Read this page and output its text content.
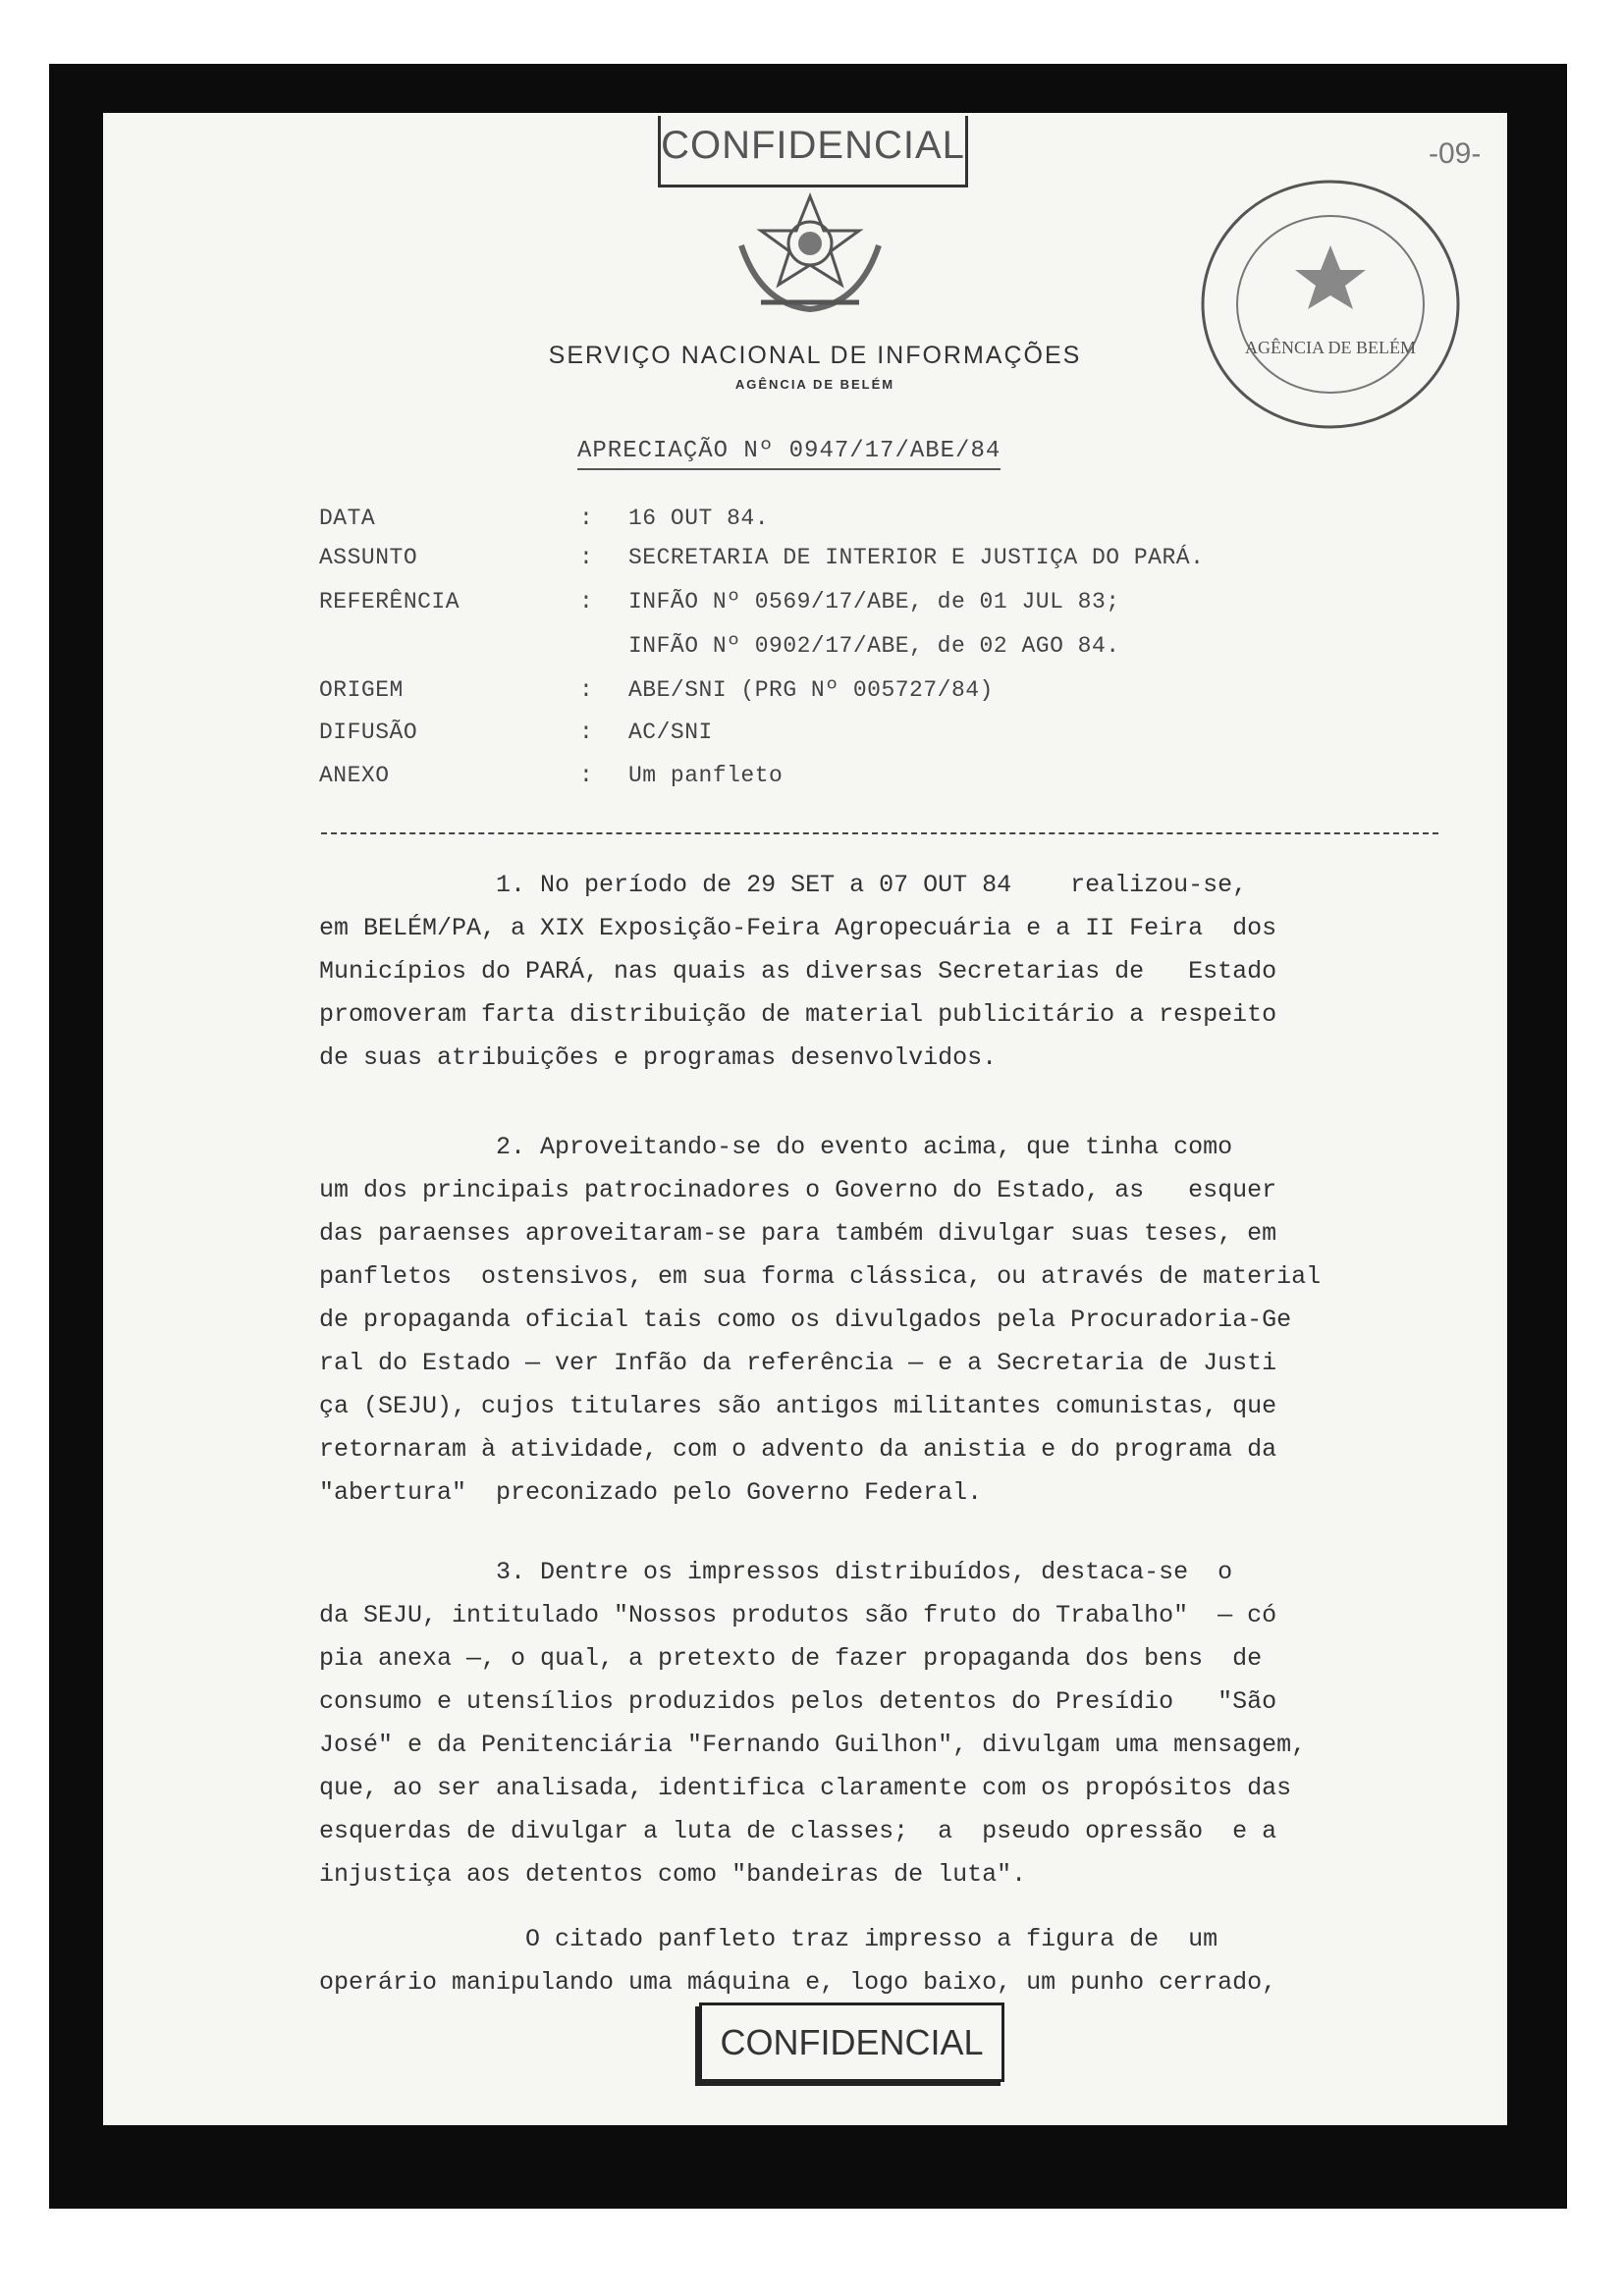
CONFIDENCIAL	-09-
SERVIÇO NACIONAL DE INFORMAÇÕES
AGÊNCIA DE BELÉM
AGÊNCIA DE BELÉM
APRECIAÇÃO Nº 0947/17/ABE/84
DATA	: 16 OUT 84.
ASSUNTO	: SECRETARIA DE INTERIOR E JUSTIÇA DO PARÁ.
REFERÊNCIA	: INFÃO Nº 0569/17/ABE, de 01 JUL 83;
INFÃO Nº 0902/17/ABE, de 02 AGO 84.
ORIGEM	: ABE/SNI (PRG Nº 005727/84)
DIFUSÃO	: AC/SNI
ANEXO	: Um panfleto
1. No período de 29 SET a 07 OUT 84    realizou-se,
em BELÉM/PA, a XIX Exposição-Feira Agropecuária e a II Feira  dos
Municípios do PARÁ, nas quais as diversas Secretarias de   Estado
promoveram farta distribuição de material publicitário a respeito
de suas atribuições e programas desenvolvidos.
2. Aproveitando-se do evento acima, que tinha como
um dos principais patrocinadores o Governo do Estado, as   esquer
das paraenses aproveitaram-se para também divulgar suas teses, em
panfletos  ostensivos, em sua forma clássica, ou através de material
de propaganda oficial tais como os divulgados pela Procuradoria-Ge
ral do Estado — ver Infão da referência — e a Secretaria de Justi
ça (SEJU), cujos titulares são antigos militantes comunistas, que
retornaram à atividade, com o advento da anistia e do programa da
"abertura"  preconizado pelo Governo Federal.
3. Dentre os impressos distribuídos, destaca-se  o
da SEJU, intitulado "Nossos produtos são fruto do Trabalho"  — có
pia anexa —, o qual, a pretexto de fazer propaganda dos bens  de
consumo e utensílios produzidos pelos detentos do Presídio   "São
José" e da Penitenciária "Fernando Guilhon", divulgam uma mensagem,
que, ao ser analisada, identifica claramente com os propósitos das
esquerdas de divulgar a luta de classes;  a  pseudo opressão  e a
injustiça aos detentos como "bandeiras de luta".
O citado panfleto traz impresso a figura de  um
operário manipulando uma máquina e, logo baixo, um punho cerrado,
CONFIDENCIAL
